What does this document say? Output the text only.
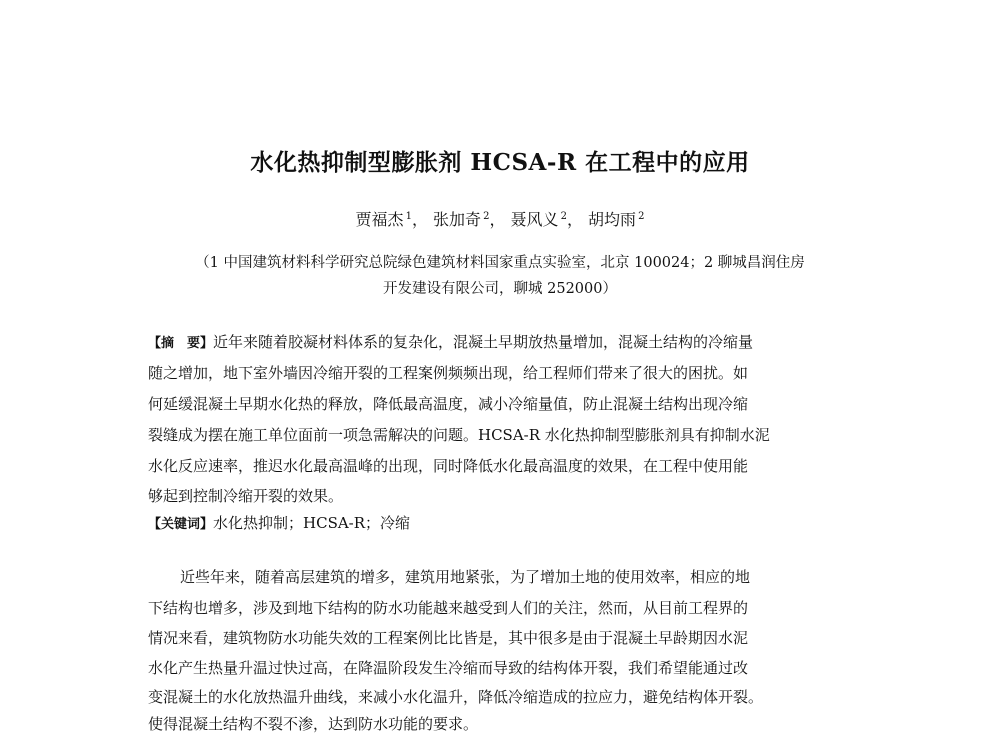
水化热抑制型膨胀剂 HCSA-R 在工程中的应用
贾福杰 $^1$， 张加奇 $^2$， 聂风义 $^2$， 胡均雨 $^2$
（1 中国建筑材料科学研究总院绿色建筑材料国家重点实验室，北京 100024；2 聊城昌润住房
开发建设有限公司，聊城 252000）
【摘　要】近年来随着胶凝材料体系的复杂化，混凝土早期放热量增加，混凝土结构的冷缩量
随之增加，地下室外墙因冷缩开裂的工程案例频频出现，给工程师们带来了很大的困扰。如
何延缓混凝土早期水化热的释放，降低最高温度，减小冷缩量值，防止混凝土结构出现冷缩
裂缝成为摆在施工单位面前一项急需解决的问题。HCSA-R 水化热抑制型膨胀剂具有抑制水泥
水化反应速率，推迟水化最高温峰的出现，同时降低水化最高温度的效果，在工程中使用能
够起到控制冷缩开裂的效果。
【关键词】水化热抑制；HCSA-R；冷缩
近些年来，随着高层建筑的增多，建筑用地紧张，为了增加土地的使用效率，相应的地
下结构也增多，涉及到地下结构的防水功能越来越受到人们的关注，然而，从目前工程界的
情况来看，建筑物防水功能失效的工程案例比比皆是，其中很多是由于混凝土早龄期因水泥
水化产生热量升温过快过高，在降温阶段发生冷缩而导致的结构体开裂，我们希望能通过改
变混凝土的水化放热温升曲线，来减小水化温升，降低冷缩造成的拉应力，避免结构体开裂。
使得混凝土结构不裂不渗，达到防水功能的要求。
